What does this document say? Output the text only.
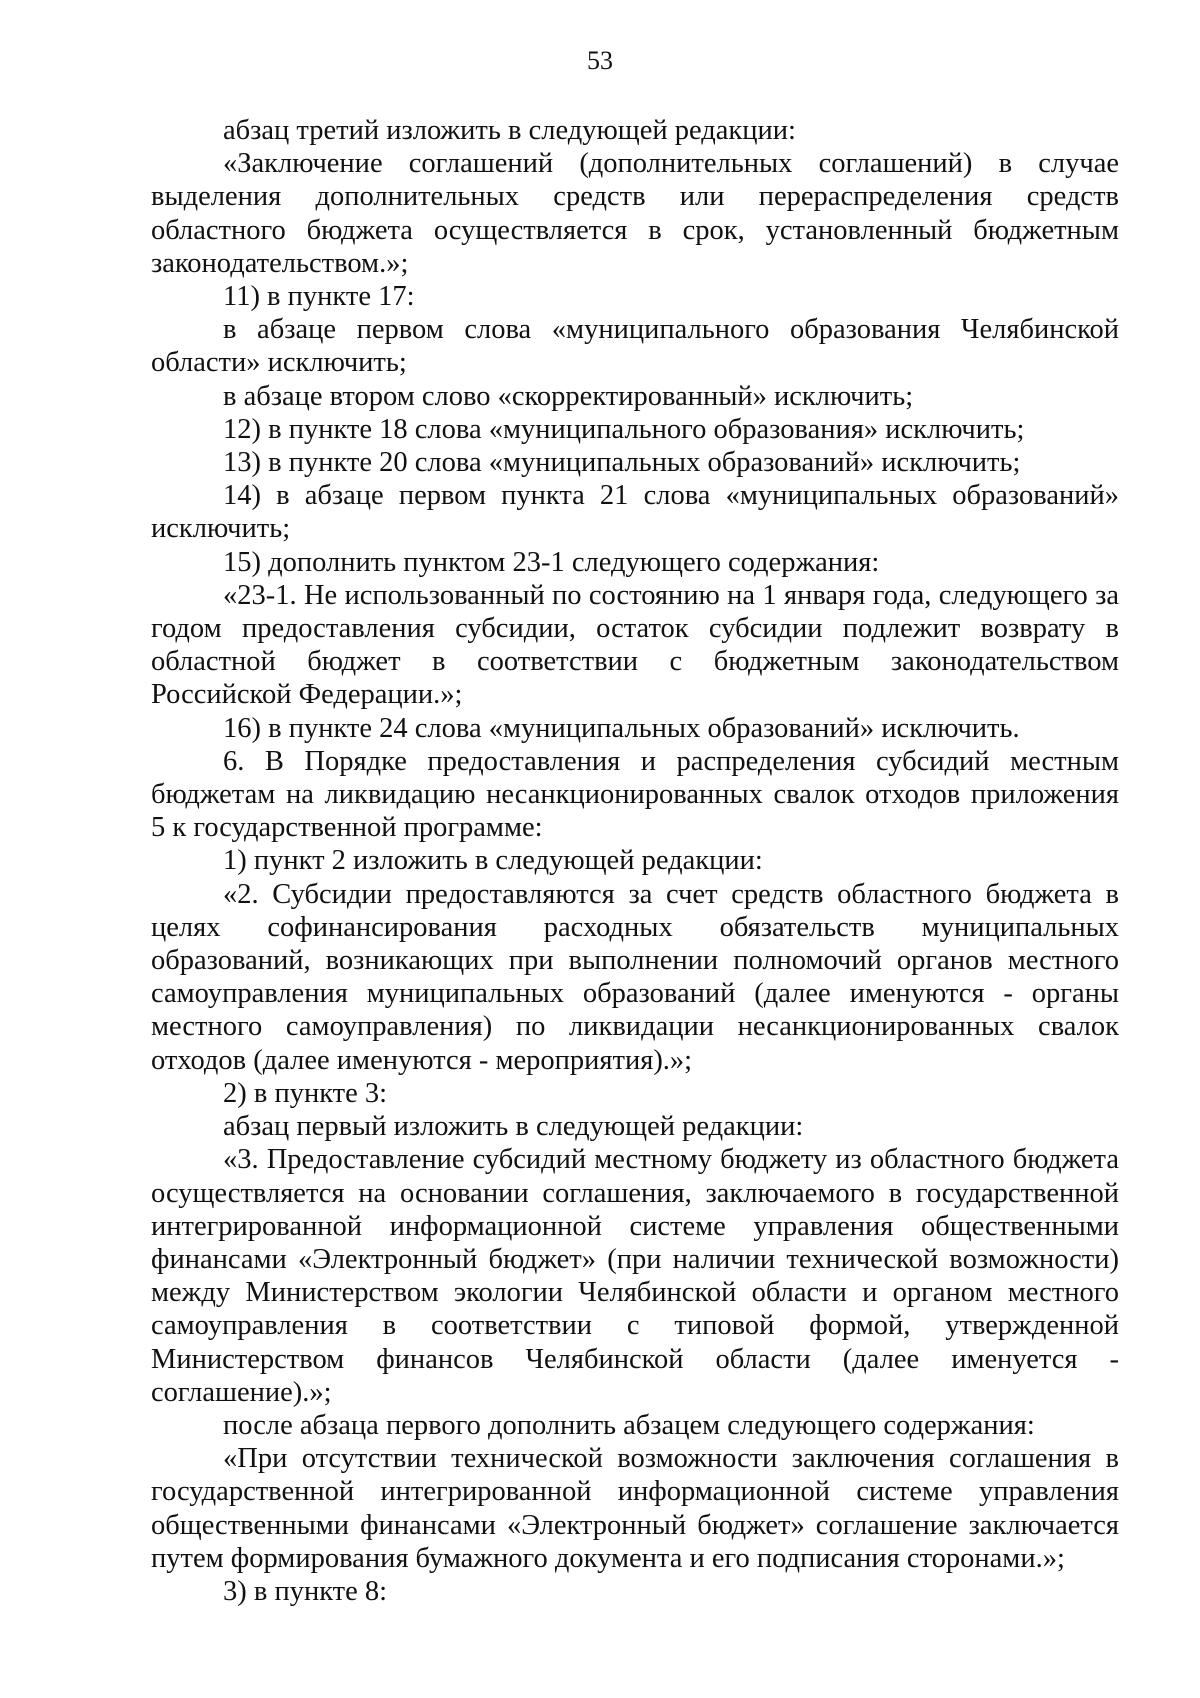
53

абзац третий изложить в следующей редакции:

«Заключение соглашений (дополнительных соглашений) в случае выделения дополнительных средств или перераспределения средств областного бюджета осуществляется в срок, установленный бюджетным законодательством.»;

11) в пункте 17:

в абзаце первом слова «муниципального образования Челябинской области» исключить;

в абзаце втором слово «скорректированный» исключить;

12) в пункте 18 слова «муниципального образования» исключить;

13) в пункте 20 слова «муниципальных образований» исключить;

14) в абзаце первом пункта 21 слова «муниципальных образований» исключить;

15) дополнить пунктом 23-1 следующего содержания:

«23-1. Не использованный по состоянию на 1 января года, следующего за годом предоставления субсидии, остаток субсидии подлежит возврату в областной бюджет в соответствии с бюджетным законодательством Российской Федерации.»;

16) в пункте 24 слова «муниципальных образований» исключить.

6. В Порядке предоставления и распределения субсидий местным бюджетам на ликвидацию несанкционированных свалок отходов приложения 5 к государственной программе:

1) пункт 2 изложить в следующей редакции:

«2. Субсидии предоставляются за счет средств областного бюджета в целях софинансирования расходных обязательств муниципальных образований, возникающих при выполнении полномочий органов местного самоуправления муниципальных образований (далее именуются - органы местного самоуправления) по ликвидации несанкционированных свалок отходов (далее именуются - мероприятия).»;

2) в пункте 3:

абзац первый изложить в следующей редакции:

«3. Предоставление субсидий местному бюджету из областного бюджета осуществляется на основании соглашения, заключаемого в государственной интегрированной информационной системе управления общественными финансами «Электронный бюджет» (при наличии технической возможности) между Министерством экологии Челябинской области и органом местного самоуправления в соответствии с типовой формой, утвержденной Министерством финансов Челябинской области (далее именуется - соглашение).»;

после абзаца первого дополнить абзацем следующего содержания:

«При отсутствии технической возможности заключения соглашения в государственной интегрированной информационной системе управления общественными финансами «Электронный бюджет» соглашение заключается путем формирования бумажного документа и его подписания сторонами.»;

3) в пункте 8:
